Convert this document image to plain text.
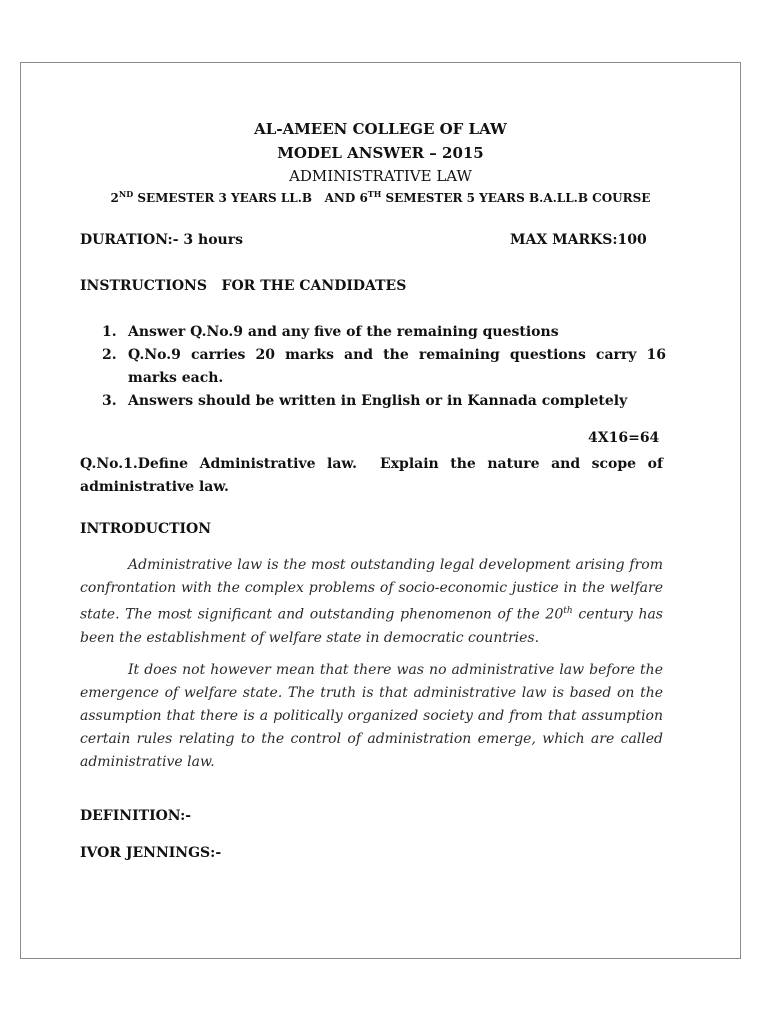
AL-AMEEN COLLEGE OF LAW
MODEL ANSWER – 2015
ADMINISTRATIVE LAW
2ND SEMESTER 3 YEARS LL.B   AND 6TH SEMESTER 5 YEARS B.A.LL.B COURSE
DURATION:- 3 hours	MAX MARKS:100
INSTRUCTIONS   FOR THE CANDIDATES
1. Answer Q.No.9 and any five of the remaining questions
2. Q.No.9 carries 20 marks and the remaining questions carry 16 marks each.
3. Answers should be written in English or in Kannada completely
4X16=64
Q.No.1.Define Administrative law.  Explain the nature and scope of administrative law.
INTRODUCTION

Administrative law is the most outstanding legal development arising from confrontation with the complex problems of socio-economic justice in the welfare state. The most significant and outstanding phenomenon of the 20th century has been the establishment of welfare state in democratic countries.

It does not however mean that there was no administrative law before the emergence of welfare state. The truth is that administrative law is based on the assumption that there is a politically organized society and from that assumption certain rules relating to the control of administration emerge, which are called administrative law.

DEFINITION:-
IVOR JENNINGS:-
